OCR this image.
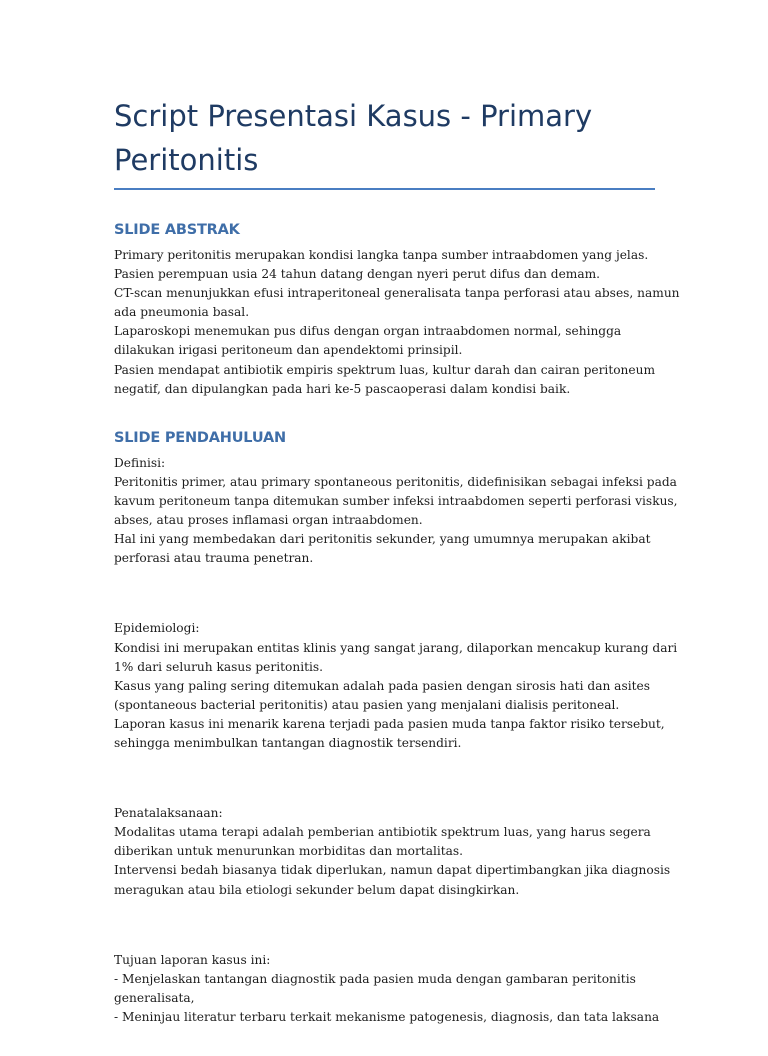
Script Presentasi Kasus - Primary
Peritonitis
SLIDE ABSTRAK

Primary peritonitis merupakan kondisi langka tanpa sumber intraabdomen yang jelas.

Pasien perempuan usia 24 tahun datang dengan nyeri perut difus dan demam.

CT-scan menunjukkan efusi intraperitoneal generalisata tanpa perforasi atau abses, namun

ada pneumonia basal.

Laparoskopi menemukan pus difus dengan organ intraabdomen normal, sehingga

dilakukan irigasi peritoneum dan apendektomi prinsipil.

Pasien mendapat antibiotik empiris spektrum luas, kultur darah dan cairan peritoneum

negatif, dan dipulangkan pada hari ke-5 pascaoperasi dalam kondisi baik.

SLIDE PENDAHULUAN

Definisi:

Peritonitis primer, atau primary spontaneous peritonitis, didefinisikan sebagai infeksi pada

kavum peritoneum tanpa ditemukan sumber infeksi intraabdomen seperti perforasi viskus,

abses, atau proses inflamasi organ intraabdomen.

Hal ini yang membedakan dari peritonitis sekunder, yang umumnya merupakan akibat

perforasi atau trauma penetran.

Epidemiologi:

Kondisi ini merupakan entitas klinis yang sangat jarang, dilaporkan mencakup kurang dari

1% dari seluruh kasus peritonitis.

Kasus yang paling sering ditemukan adalah pada pasien dengan sirosis hati dan asites

(spontaneous bacterial peritonitis) atau pasien yang menjalani dialisis peritoneal.

Laporan kasus ini menarik karena terjadi pada pasien muda tanpa faktor risiko tersebut,

sehingga menimbulkan tantangan diagnostik tersendiri.

Penatalaksanaan:

Modalitas utama terapi adalah pemberian antibiotik spektrum luas, yang harus segera

diberikan untuk menurunkan morbiditas dan mortalitas.

Intervensi bedah biasanya tidak diperlukan, namun dapat dipertimbangkan jika diagnosis

meragukan atau bila etiologi sekunder belum dapat disingkirkan.

Tujuan laporan kasus ini:

- Menjelaskan tantangan diagnostik pada pasien muda dengan gambaran peritonitis

generalisata,

- Meninjau literatur terbaru terkait mekanisme patogenesis, diagnosis, dan tata laksana
